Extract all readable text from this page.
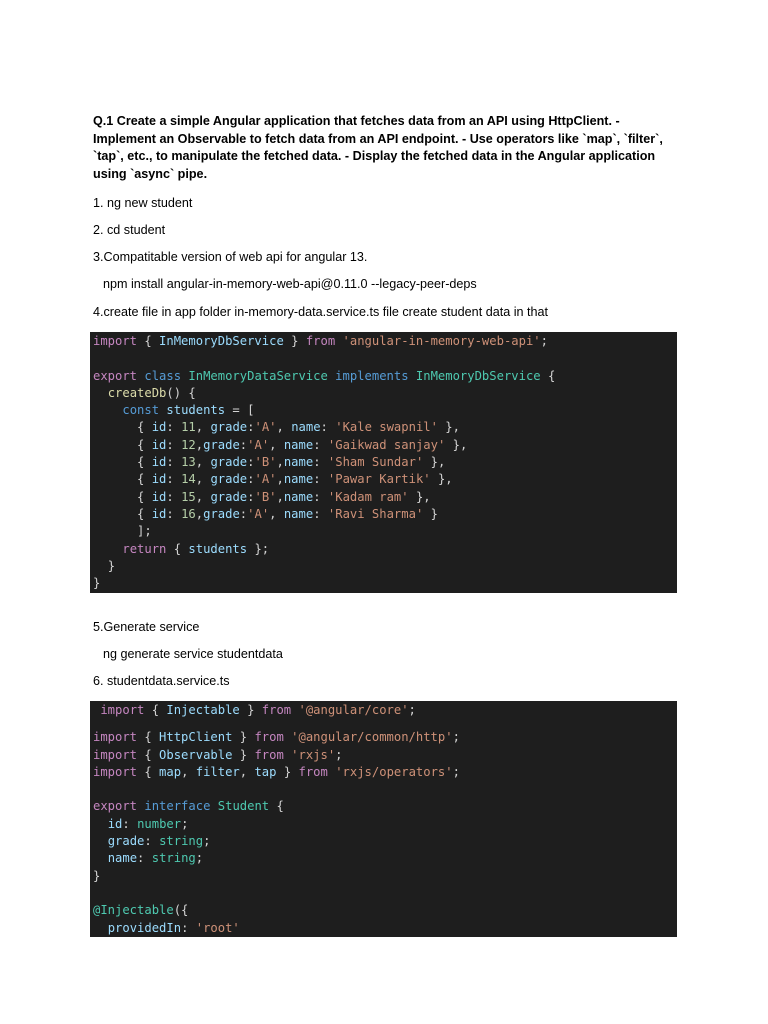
Q.1 Create a simple Angular application that fetches data from an API using HttpClient. - Implement an Observable to fetch data from an API endpoint. - Use operators like `map`, `filter`, `tap`, etc., to manipulate the fetched data. - Display the fetched data in the Angular application using `async` pipe.

1. ng new student

2. cd student

3.Compatitable version of web api for angular 13.

npm install angular-in-memory-web-api@0.11.0 --legacy-peer-deps

4.create file in app folder in-memory-data.service.ts file create student data in that

import { InMemoryDbService } from 'angular-in-memory-web-api';
export class InMemoryDataService implements InMemoryDbService {
createDb() {
const students = [
{ id: 11, grade:'A', name: 'Kale swapnil' },
{ id: 12,grade:'A', name: 'Gaikwad sanjay' },
{ id: 13, grade:'B',name: 'Sham Sundar' },
{ id: 14, grade:'A',name: 'Pawar Kartik' },
{ id: 15, grade:'B',name: 'Kadam ram' },
{ id: 16,grade:'A', name: 'Ravi Sharma' }
];
return { students };
}
}

5.Generate service

ng generate service studentdata

6. studentdata.service.ts

import { Injectable } from '@angular/core';
import { HttpClient } from '@angular/common/http';
import { Observable } from 'rxjs';
import { map, filter, tap } from 'rxjs/operators';
export interface Student {
id: number;
grade: string;
name: string;
}
@Injectable({
providedIn: 'root'
